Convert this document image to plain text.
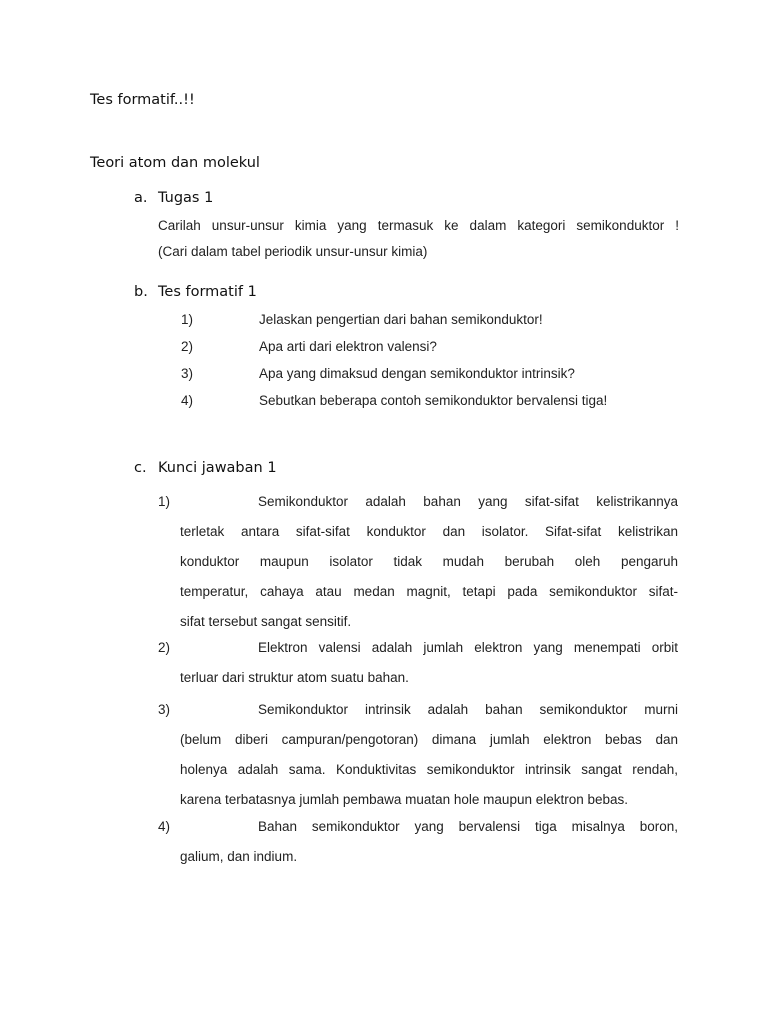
Tes formatif..!!
Teori atom dan molekul
a. Tugas 1
Carilah unsur-unsur kimia yang termasuk ke dalam kategori semikonduktor !
(Cari dalam tabel periodik unsur-unsur kimia)
b. Tes formatif 1
1)	Jelaskan pengertian dari bahan semikonduktor!
2)	Apa arti dari elektron valensi?
3)	Apa yang dimaksud dengan semikonduktor intrinsik?
4)	Sebutkan beberapa contoh semikonduktor bervalensi tiga!
c. Kunci jawaban 1
1)	Semikonduktor adalah bahan yang sifat-sifat kelistrikannya
terletak antara sifat-sifat konduktor dan isolator. Sifat-sifat kelistrikan
konduktor maupun isolator tidak mudah berubah oleh pengaruh
temperatur, cahaya atau medan magnit, tetapi pada semikonduktor sifat-
sifat tersebut sangat sensitif.
2)	Elektron valensi adalah jumlah elektron yang menempati orbit
terluar dari struktur atom suatu bahan.
3)	Semikonduktor intrinsik adalah bahan semikonduktor murni
(belum diberi campuran/pengotoran) dimana jumlah elektron bebas dan
holenya adalah sama. Konduktivitas semikonduktor intrinsik sangat rendah,
karena terbatasnya jumlah pembawa muatan hole maupun elektron bebas.
4)	Bahan semikonduktor yang bervalensi tiga misalnya boron,
galium, dan indium.
